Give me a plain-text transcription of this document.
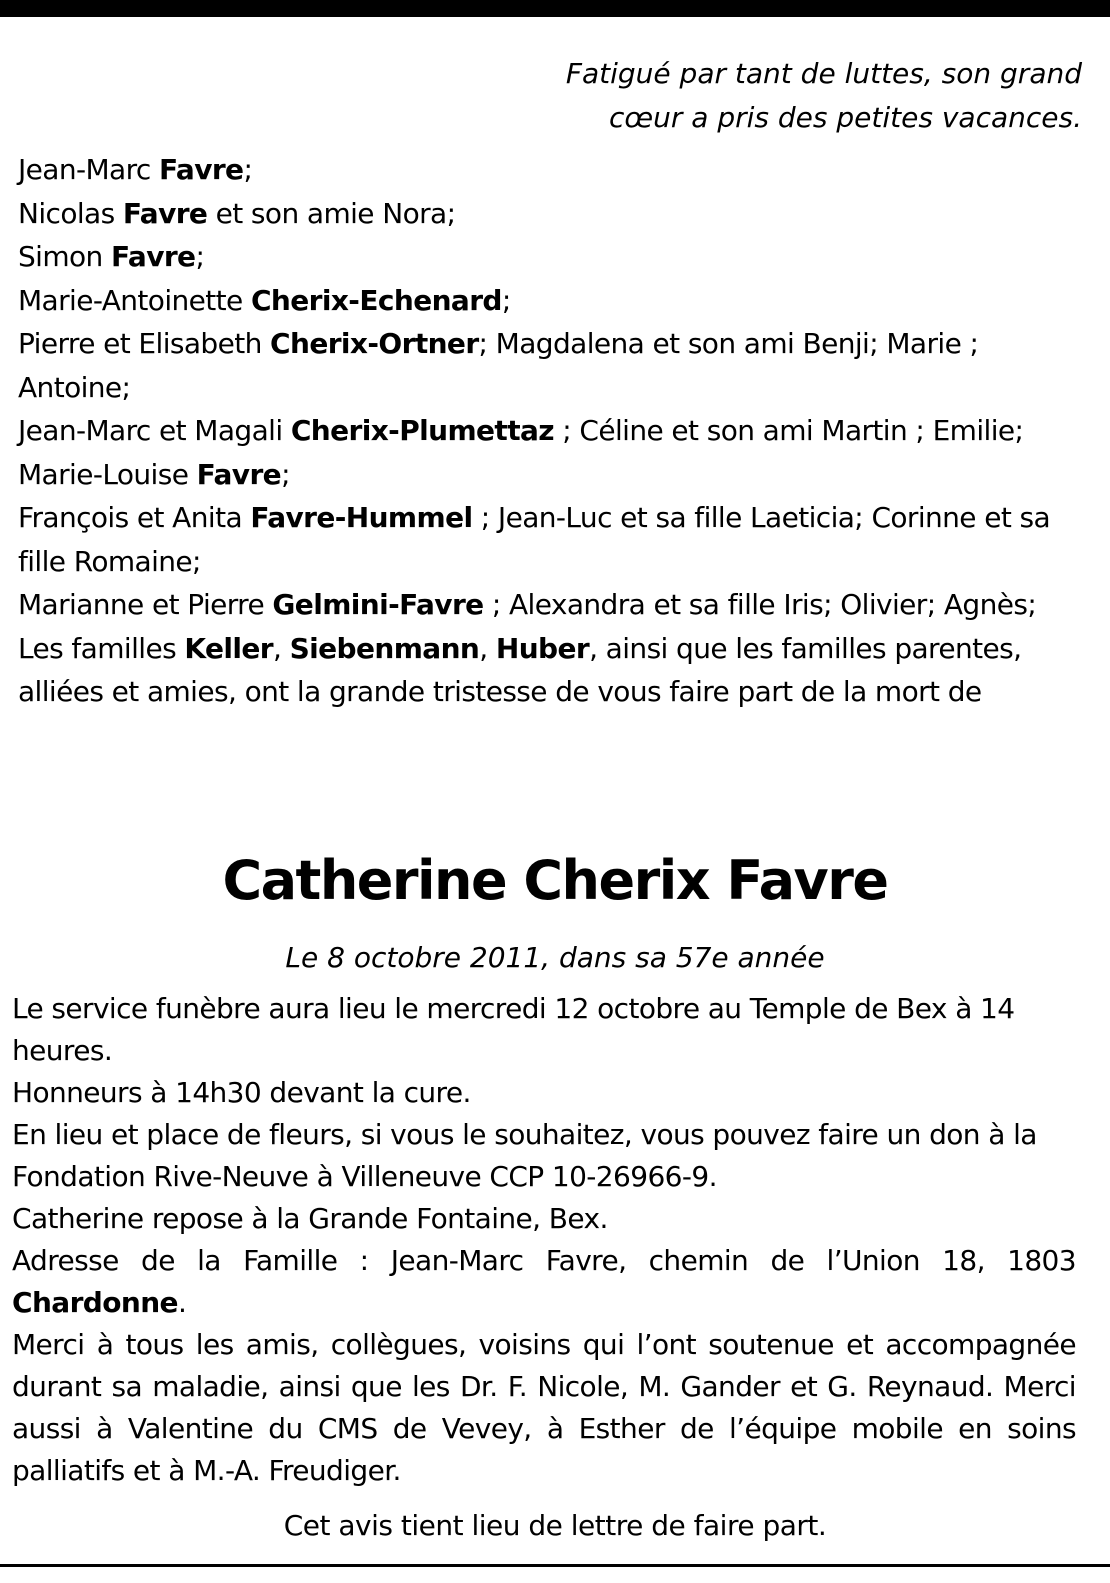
Fatigué par tant de luttes, son grand
cœur a pris des petites vacances.
Jean-Marc Favre;
Nicolas Favre et son amie Nora;
Simon Favre;
Marie-Antoinette Cherix-Echenard;
Pierre et Elisabeth Cherix-Ortner; Magdalena et son ami Benji; Marie ; Antoine;
Jean-Marc et Magali Cherix-Plumettaz ; Céline et son ami Martin ; Emilie;
Marie-Louise Favre;
François et Anita Favre-Hummel ; Jean-Luc et sa fille Laeticia; Corinne et sa fille Romaine;
Marianne et Pierre Gelmini-Favre ; Alexandra et sa fille Iris; Olivier; Agnès;
Les familles Keller, Siebenmann, Huber, ainsi que les familles parentes, alliées et amies, ont la grande tristesse de vous faire part de la mort de
Catherine Cherix Favre
Le 8 octobre 2011, dans sa 57e année

Le service funèbre aura lieu le mercredi 12 octobre au Temple de Bex à 14 heures.

Honneurs à 14h30 devant la cure.

En lieu et place de fleurs, si vous le souhaitez, vous pouvez faire un don à la Fondation Rive-Neuve à Villeneuve CCP 10-26966-9.

Catherine repose à la Grande Fontaine, Bex.

Adresse de la Famille : Jean-Marc Favre, chemin de l’Union 18, 1803 Chardonne.

Merci à tous les amis, collègues, voisins qui l’ont soutenue et accompagnée durant sa maladie, ainsi que les Dr. F. Nicole, M. Gander et G. Reynaud. Merci aussi à Valentine du CMS de Vevey, à Esther de l’équipe mobile en soins palliatifs et à M.-A. Freudiger.

Cet avis tient lieu de lettre de faire part.
